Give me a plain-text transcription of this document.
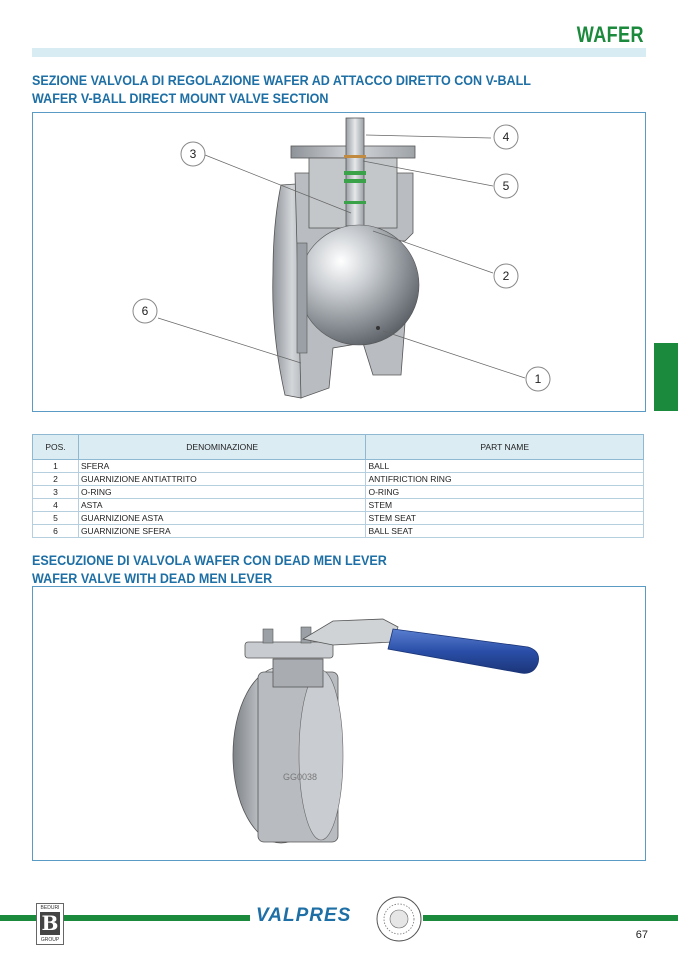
WAFER
SEZIONE VALVOLA DI REGOLAZIONE WAFER AD ATTACCO DIRETTO CON V-BALL
WAFER V-BALL DIRECT MOUNT VALVE SECTION
4
5
3
2
6
1
POS.	DENOMINAZIONE	PART NAME
1	SFERA	BALL
2	GUARNIZIONE ANTIATTRITO	ANTIFRICTION RING
3	O-RING	O-RING
4	ASTA	STEM
5	GUARNIZIONE ASTA	STEM SEAT
6	GUARNIZIONE SFERA	BALL SEAT
ESECUZIONE DI VALVOLA WAFER CON DEAD MEN LEVER
WAFER VALVE WITH DEAD MEN LEVER
GG0038
BEDURI
B
GROUP
VALPRES
67
